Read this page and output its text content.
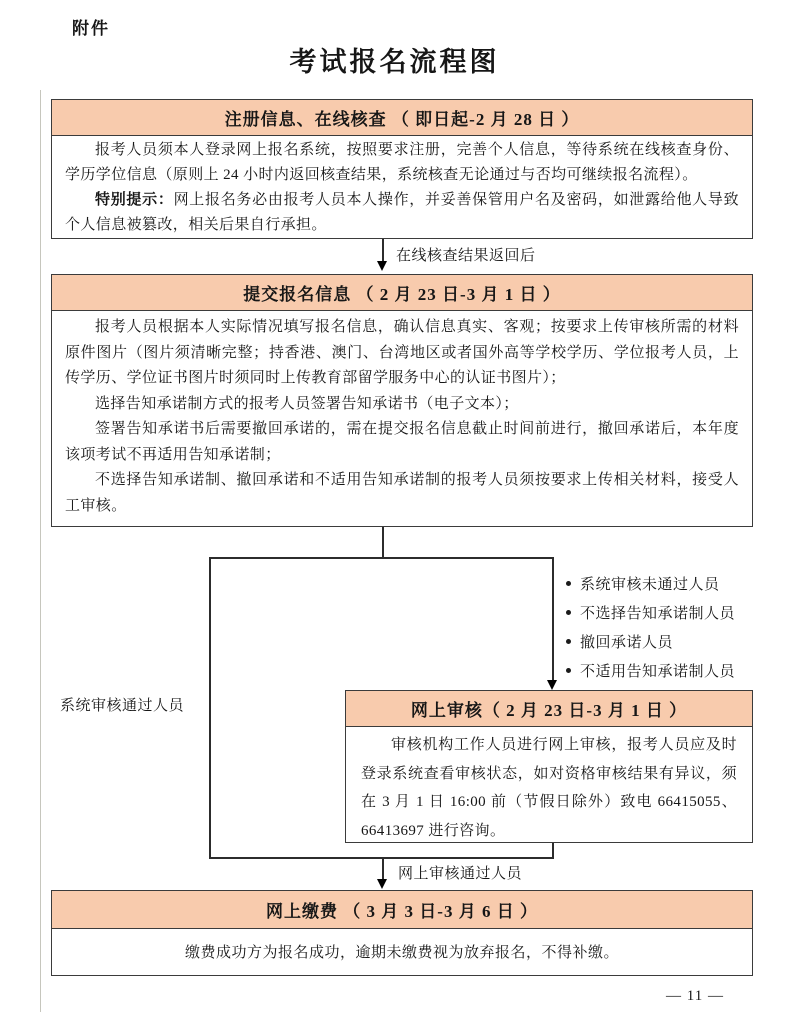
附件
考试报名流程图
注册信息、在线核查 （ 即日起-2 月 28 日 ）

报考人员须本人登录网上报名系统，按照要求注册，完善个人信息，等待系统在线核查身份、学历学位信息（原则上 24 小时内返回核查结果，系统核查无论通过与否均可继续报名流程）。

特别提示：网上报名务必由报考人员本人操作，并妥善保管用户名及密码，如泄露给他人导致个人信息被篡改，相关后果自行承担。

在线核查结果返回后
提交报名信息 （ 2 月 23 日-3 月 1 日 ）

报考人员根据本人实际情况填写报名信息，确认信息真实、客观；按要求上传审核所需的材料原件图片（图片须清晰完整；持香港、澳门、台湾地区或者国外高等学校学历、学位报考人员，上传学历、学位证书图片时须同时上传教育部留学服务中心的认证书图片）；

选择告知承诺制方式的报考人员签署告知承诺书（电子文本）；

签署告知承诺书后需要撤回承诺的，需在提交报名信息截止时间前进行，撤回承诺后，本年度该项考试不再适用告知承诺制；

不选择告知承诺制、撤回承诺和不适用告知承诺制的报考人员须按要求上传相关材料，接受人工审核。

系统审核未通过人员
不选择告知承诺制人员
撤回承诺人员
不适用告知承诺制人员
系统审核通过人员	网上审核（ 2 月 23 日-3 月 1 日 ）

审核机构工作人员进行网上审核，报考人员应及时登录系统查看审核状态，如对资格审核结果有异议，须在 3 月 1 日 16:00 前（节假日除外）致电 66415055、66413697 进行咨询。

网上审核通过人员
网上缴费 （ 3 月 3 日-3 月 6 日 ）
缴费成功方为报名成功，逾期未缴费视为放弃报名，不得补缴。
— 11 —
